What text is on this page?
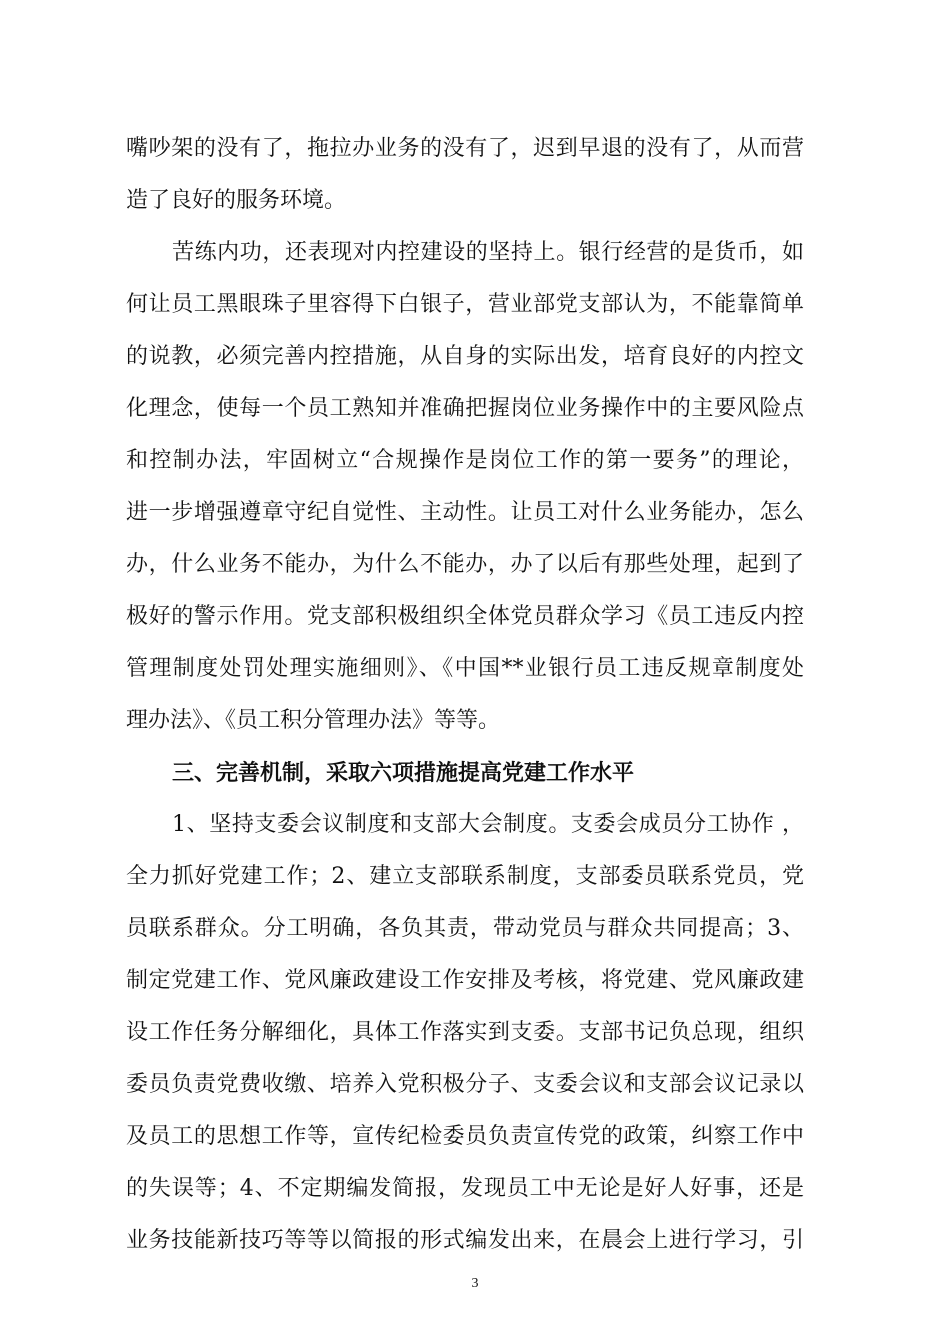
嘴吵架的没有了，拖拉办业务的没有了，迟到早退的没有了，从而营
造了良好的服务环境。
苦练内功，还表现对内控建设的坚持上。银行经营的是货币，如
何让员工黑眼珠子里容得下白银子，营业部党支部认为，不能靠简单
的说教，必须完善内控措施，从自身的实际出发，培育良好的内控文
化理念，使每一个员工熟知并准确把握岗位业务操作中的主要风险点
和控制办法，牢固树立“合规操作是岗位工作的第一要务”的理论，
进一步增强遵章守纪自觉性、主动性。让员工对什么业务能办，怎么
办，什么业务不能办，为什么不能办，办了以后有那些处理，起到了
极好的警示作用。党支部积极组织全体党员群众学习《员工违反内控
管理制度处罚处理实施细则》、《中国**业银行员工违反规章制度处
理办法》、《员工积分管理办法》等等。
三、完善机制，采取六项措施提高党建工作水平
1、坚持支委会议制度和支部大会制度。支委会成员分工协作 ，
全力抓好党建工作；2、建立支部联系制度，支部委员联系党员，党
员联系群众。分工明确，各负其责，带动党员与群众共同提高；3、
制定党建工作、党风廉政建设工作安排及考核，将党建、党风廉政建
设工作任务分解细化，具体工作落实到支委。支部书记负总现，组织
委员负责党费收缴、培养入党积极分子、支委会议和支部会议记录以
及员工的思想工作等，宣传纪检委员负责宣传党的政策，纠察工作中
的失误等；4、不定期编发简报，发现员工中无论是好人好事，还是
业务技能新技巧等等以简报的形式编发出来，在晨会上进行学习，引
3
